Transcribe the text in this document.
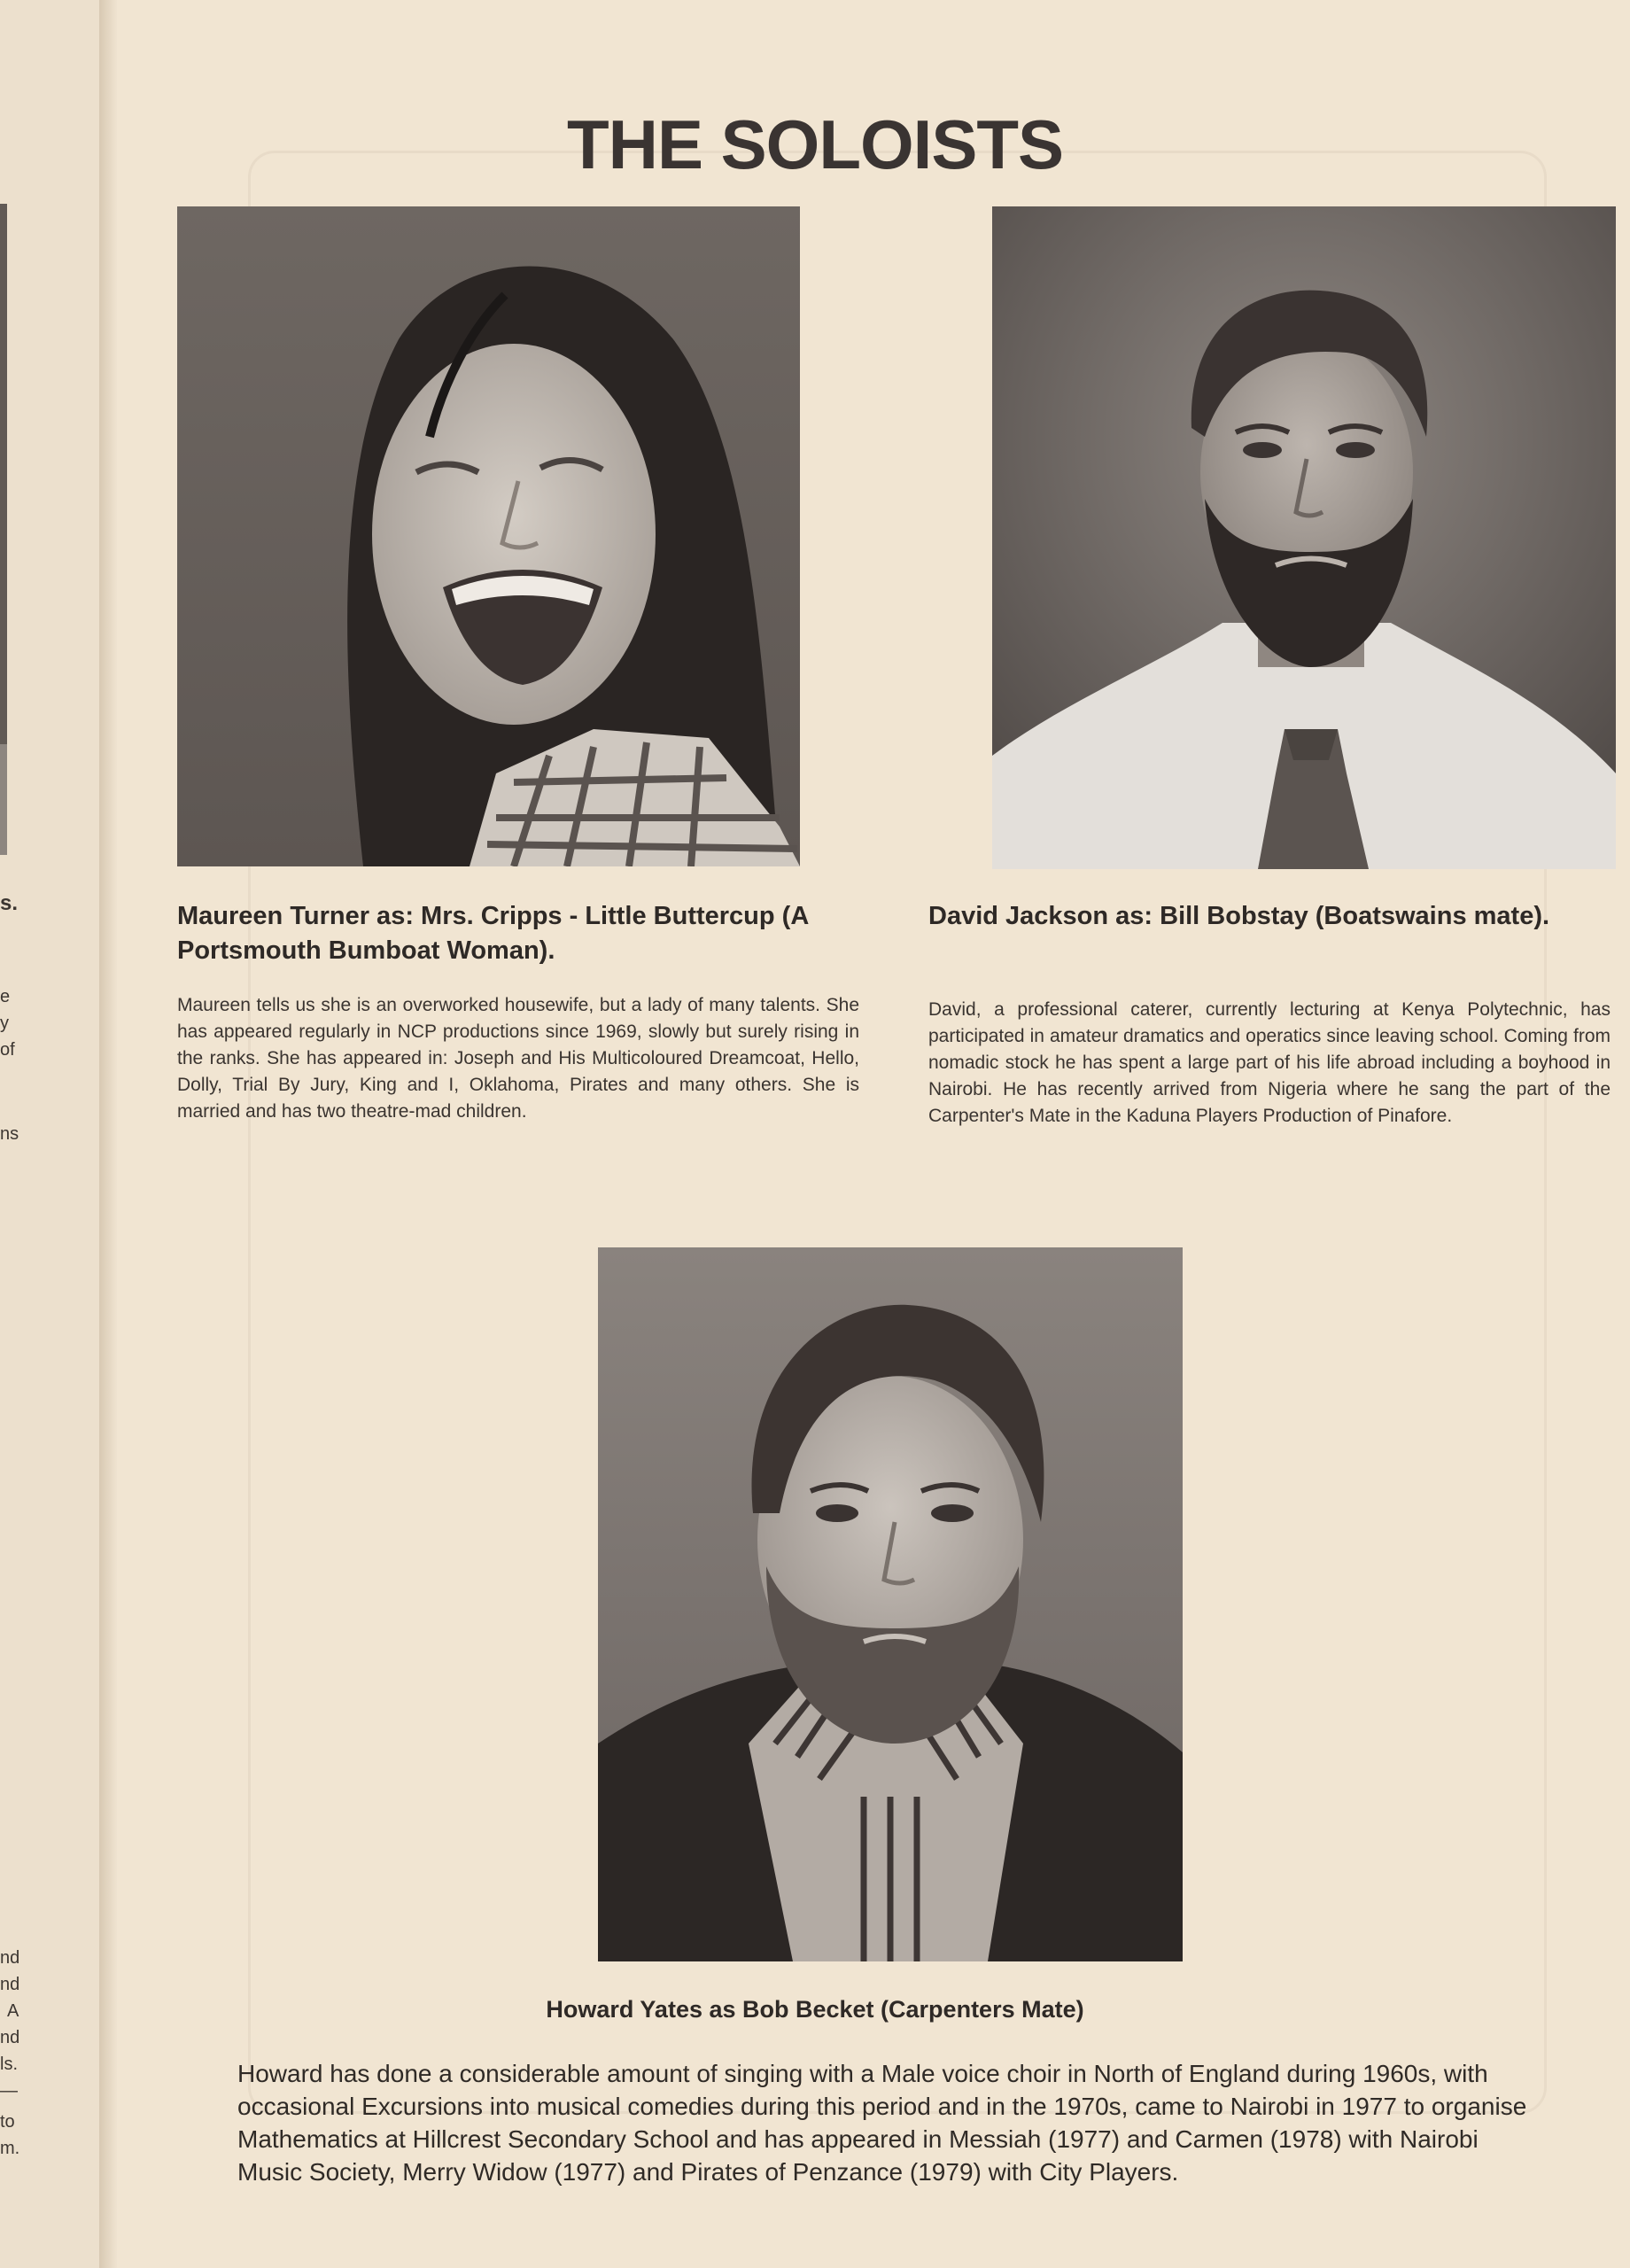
s.
e
y
of
ns
nd
nd
A
nd
ls.
—
to
m.
THE SOLOISTS
Maureen Turner as: Mrs. Cripps - Little Buttercup (A Portsmouth Bumboat Woman).
David Jackson as: Bill Bobstay (Boatswains mate).
Maureen tells us she is an overworked housewife, but a lady of many talents. She has appeared regularly in NCP productions since 1969, slowly but surely rising in the ranks. She has appeared in: Joseph and His Multicoloured Dreamcoat, Hello, Dolly, Trial By Jury, King and I, Oklahoma, Pirates and many others. She is married and has two theatre-mad children.
David, a professional caterer, currently lecturing at Kenya Polytechnic, has participated in amateur dramatics and operatics since leaving school. Coming from nomadic stock he has spent a large part of his life abroad including a boyhood in Nairobi. He has recently arrived from Nigeria where he sang the part of the Carpenter's Mate in the Kaduna Players Production of Pinafore.
Howard Yates as Bob Becket (Carpenters Mate)
Howard has done a considerable amount of singing with a Male voice choir in North of England during 1960s, with occasional Excursions into musical comedies during this period and in the 1970s, came to Nairobi in 1977 to organise Mathematics at Hillcrest Secondary School and has appeared in Messiah (1977) and Carmen (1978) with Nairobi Music Society, Merry Widow (1977) and Pirates of Penzance (1979) with City Players.
